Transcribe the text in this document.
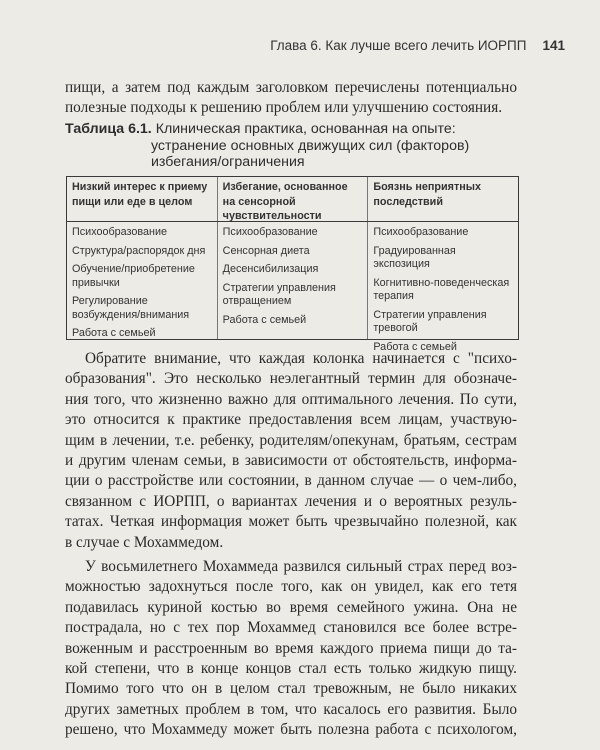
Глава 6. Как лучше всего лечить ИОРПП 141
пищи, а затем под каждым заголовком перечислены потенциально
полезные подходы к решению проблем или улучшению состояния.
Таблица 6.1. Клиническая практика, основанная на опыте:
устранение основных движущих сил (факторов)
избегания/ограничения
Низкий интерес к приему
пищи или еде в целом
Избегание, основанное
на сенсорной
чувствительности
Боязнь неприятных
последствий
Психообразование
Структура/распорядок дня
Обучение/приобретение
привычки
Регулирование
возбуждения/внимания
Работа с семьей
Психообразование
Сенсорная диета
Десенсибилизация
Стратегии управления
отвращением
Работа с семьей
Психообразование
Градуированная экспозиция
Когнитивно-поведенческая
терапия
Стратегии управления тревогой
Работа с семьей
Обратите внимание, что каждая колонка начинается с "психо-
образования". Это несколько неэлегантный термин для обозначе-
ния того, что жизненно важно для оптимального лечения. По сути,
это относится к практике предоставления всем лицам, участвую-
щим в лечении, т.е. ребенку, родителям/опекунам, братьям, сестрам
и другим членам семьи, в зависимости от обстоятельств, информа-
ции о расстройстве или состоянии, в данном случае — о чем-либо,
связанном с ИОРПП, о вариантах лечения и о вероятных резуль-
татах. Четкая информация может быть чрезвычайно полезной, как
в случае с Мохаммедом.
У восьмилетнего Мохаммеда развился сильный страх перед воз-
можностью задохнуться после того, как он увидел, как его тетя
подавилась куриной костью во время семейного ужина. Она не
пострадала, но с тех пор Мохаммед становился все более встре-
воженным и расстроенным во время каждого приема пищи до та-
кой степени, что в конце концов стал есть только жидкую пищу.
Помимо того что он в целом стал тревожным, не было никаких
других заметных проблем в том, что касалось его развития. Было
решено, что Мохаммеду может быть полезна работа с психологом,
